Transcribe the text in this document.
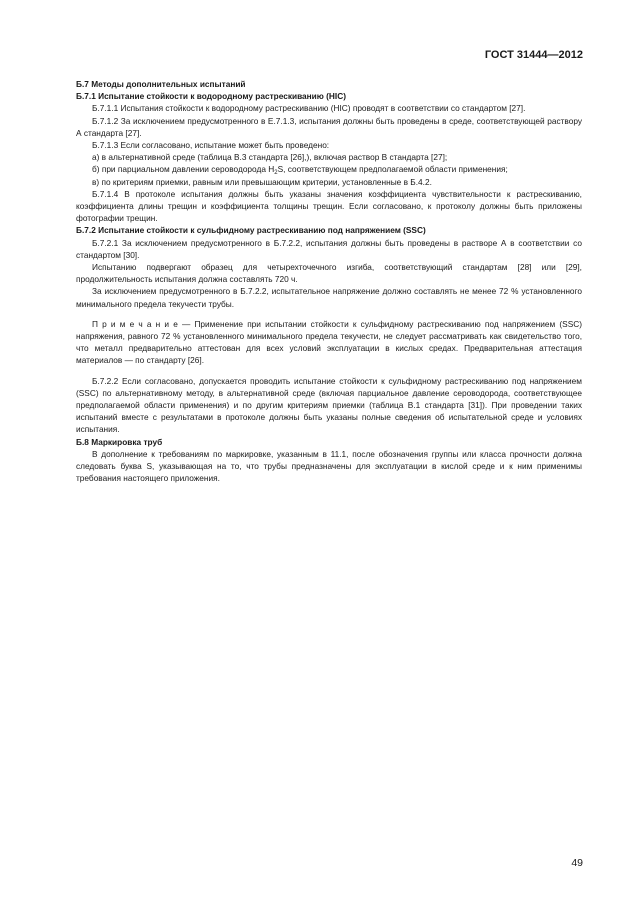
ГОСТ 31444—2012

Б.7 Методы дополнительных испытаний

Б.7.1 Испытание стойкости к водородному растрескиванию (HIC)

Б.7.1.1 Испытания стойкости к водородному растрескиванию (HIC) проводят в соответствии со стандартом [27].

Б.7.1.2 За исключением предусмотренного в Е.7.1.3, испытания должны быть проведены в среде, соответствующей раствору А стандарта [27].

Б.7.1.3 Если согласовано, испытание может быть проведено:

а) в альтернативной среде (таблица В.3 стандарта [26],), включая раствор В стандарта [27];

б) при парциальном давлении сероводорода $H_2S$, соответствующем предполагаемой области применения;

в) по критериям приемки, равным или превышающим критерии, установленные в Б.4.2.

Б.7.1.4 В протоколе испытания должны быть указаны значения коэффициента чувствительности к растрескиванию, коэффициента длины трещин и коэффициента толщины трещин. Если согласовано, к протоколу должны быть приложены фотографии трещин.

Б.7.2 Испытание стойкости к сульфидному растрескиванию под напряжением (SSC)

Б.7.2.1 За исключением предусмотренного в Б.7.2.2, испытания должны быть проведены в растворе А в соответствии со стандартом [30].

Испытанию подвергают образец для четырехточечного изгиба, соответствующий стандартам [28] или [29], продолжительность испытания должна составлять 720 ч.

За исключением предусмотренного в Б.7.2.2, испытательное напряжение должно составлять не менее 72 % установленного минимального предела текучести трубы.

П р и м е ч а н и е — Применение при испытании стойкости к сульфидному растрескиванию под напряжением (SSC) напряжения, равного 72 % установленного минимального предела текучести, не следует рассматривать как свидетельство того, что металл предварительно аттестован для всех условий эксплуатации в кислых средах. Предварительная аттестация материалов — по стандарту [26].

Б.7.2.2 Если согласовано, допускается проводить испытание стойкости к сульфидному растрескиванию под напряжением (SSC) по альтернативному методу, в альтернативной среде (включая парциальное давление сероводорода, соответствующее предполагаемой области применения) и по другим критериям приемки (таблица В.1 стандарта [31]). При проведении таких испытаний вместе с результатами в протоколе должны быть указаны полные сведения об испытательной среде и условиях испытания.

Б.8 Маркировка труб

В дополнение к требованиям по маркировке, указанным в 11.1, после обозначения группы или класса прочности должна следовать буква S, указывающая на то, что трубы предназначены для эксплуатации в кислой среде и к ним применимы требования настоящего приложения.

49
